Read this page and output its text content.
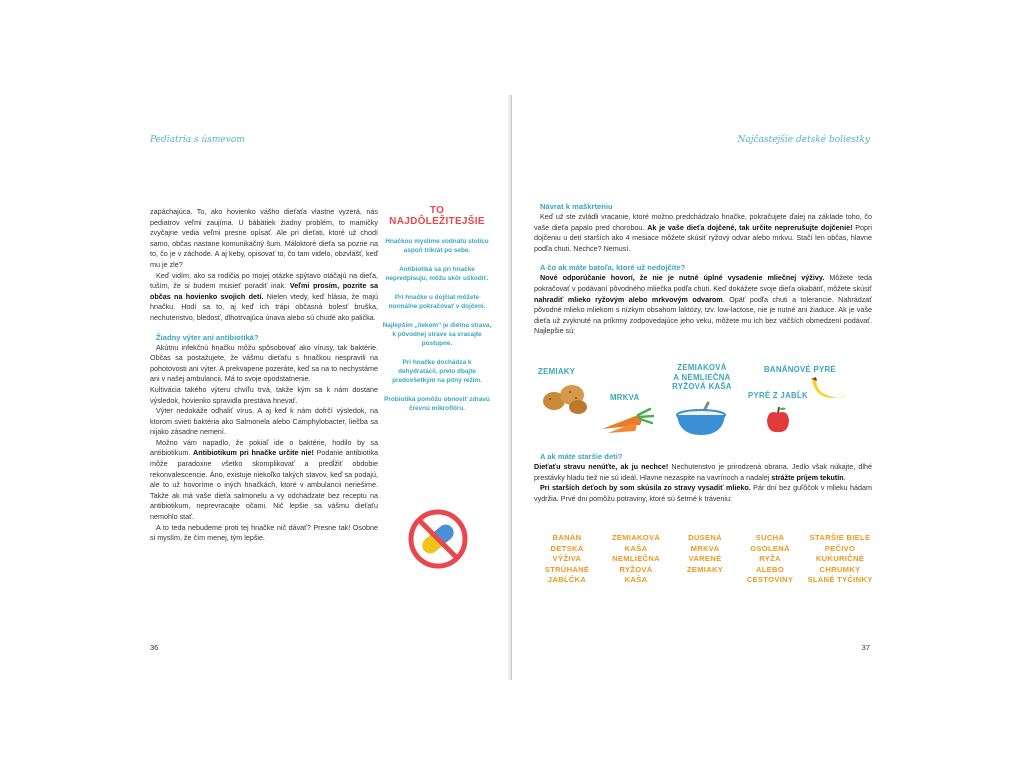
Pediatria s úsmevom

zapáchajúca. To, ako hovienko vášho dieťaťa vlastne vyzerá, nás pediatrov veľmi zaujíma. U bábätiek žiadny problém, to mamičky zvyčajne vedia veľmi presne opísať. Ale pri dieťati, ktoré už chodí samo, občas nastane komunikačný šum. Máloktoré dieťa sa pozrie na to, čo je v záchode. A aj keby, opisovať to, čo tam videlo, obzvlášť, keď mu je zle?

Keď vidím, ako sa rodičia po mojej otázke spýtavo otáčajú na dieťa, tuším, že si budem musieť poradiť inak. Veľmi prosím, pozrite sa občas na hovienko svojich detí. Nielen vtedy, keď hlásia, že majú hnačku. Hodí sa to, aj keď ich trápi občasná bolesť bruška, nechutenstvo, bledosť, dlhotrvajúca únava alebo sú chudé ako palička.

Žiadny výter ani antibiotiká?

Akútnu infekčnú hnačku môžu spôsobovať ako vírusy, tak baktérie. Občas sa postažujete, že vášmu dieťaťu s hnačkou nespravili na pohotovosti ani výter. A prekvapene pozeráte, keď sa na to nechystáme ani v našej ambulancii. Má to svoje opodstatnenie.

Kultivácia takého výteru chvíľu trvá, takže kým sa k nám dostane výsledok, hovienko spravidla prestáva hnevať.

Výter nedokáže odhaliť vírus. A aj keď k nám dofrčí výsledok, na ktorom svieti baktéria ako Salmonela alebo Camphylobacter, liečba sa nijako zásadne nemení.

Možno vám napadlo, že pokiaľ ide o baktérie, hodilo by sa antibiotikum. Antibiotikum pri hnačke určite nie! Podanie antibiotika môže paradoxne všetko skomplikovať a predĺžiť obdobie rekonvalescencie. Áno, existuje niekoľko takých stavov, keď sa podajú, ale to už hovoríme o iných hnačkách, ktoré v ambulancii neriešime. Takže ak má vaše dieťa salmonelu a vy odchádzate bez receptu na antibiotikum, neprevracajte očami. Nič lepšie sa vášmu dieťaťu nemohlo stať.

A to teda nebudeme proti tej hnačke nič dávať? Presne tak! Osobne si myslím, že čím menej, tým lepšie.

TO NAJDÔLEŽITEJŠIE

Hnačkou myslíme vodnatú stolicu aspoň trikrát po sebe.

Antibiotiká sa pri hnačke nepredpisujú, môžu skôr uškodiť.

Pri hnačke u dojčiat môžete normálne pokračovať v dojčení.

Najlepším „liekom“ je diétna strava, k pôvodnej strave sa vracajte postupne.

Pri hnačke dochádza k dehydratácii, preto dbajte predovšetkým na pitný režim.

Probiotiká pomôžu obnoviť zdravú črevnú mikroflóru.

36
Najčastejšie detské boliestky

Návrat k maškrteniu

Keď už ste zvládli vracanie, ktoré možno predchádzalo hnačke, pokračujete ďalej na základe toho, čo vaše dieťa papalo pred chorobou. Ak je vaše dieťa dojčené, tak určite neprerušujte dojčenie! Popri dojčeniu u detí starších ako 4 mesiace môžete skúsiť ryžový odvar alebo mrkvu. Stačí len občas, hlavne podľa chuti. Nechce? Nemusí.

A čo ak máte batoľa, ktoré už nedojčíte?

Nové odporúčanie hovorí, že nie je nutné úplné vysadenie mliečnej výživy. Môžete teda pokračovať v podávaní pôvodného mliečka podľa chuti. Keď dokážete svoje dieťa okabátiť, môžete skúsiť nahradiť mlieko ryžovým alebo mrkvovým odvarom. Opäť podľa chuti a tolerancie. Nahrádzať pôvodné mlieko mliekom s nízkym obsahom laktózy, tzv. low-lactose, nie je nutné ani žiaduce. Ak je vaše dieťa už zvyknuté na príkrmy zodpovedajúce jeho veku, môžete mu ich bez väčších obmedzení podávať. Najlepšie sú:

ZEMIAKY
MRKVA
ZEMIAKOVÁ
A NEMLIEČNA
RYŽOVÁ KAŠA
BANÁNOVÉ PYRÉ
PYRÉ Z JABĹK

A ak máte staršie deti?

Dieťaťu stravu nenúťte, ak ju nechce! Nechutenstvo je prirodzená obrana. Jedlo však núkajte, dlhé prestávky hladu tiež nie sú ideál. Hlavne nezaspite na vavrínoch a nadalej strážte príjem tekutín.

Pri starších deťoch by som skúsila zo stravy vysadiť mlieko. Pár dní bez guľôčok v mlieku hádam vydržia. Prvé dni pomôžu potraviny, ktoré sú šetrné k tráveniu:

BANÁN
DETSKÁ
VÝŽIVA
STRÚHANÉ
JABĹČKA
ZEMIAKOVÁ
KAŠA
NEMLIEČNA
RYŽOVÁ
KAŠA
DUSENÁ
MRKVA
VARENÉ
ZEMIAKY
SUCHÁ
OSOLENÁ
RYŽA
ALEBO
CESTOVINY
STARŠIE BIELE
PEČIVO
KUKURIČNÉ
CHRUMKY
SLANÉ TYČINKY
37
